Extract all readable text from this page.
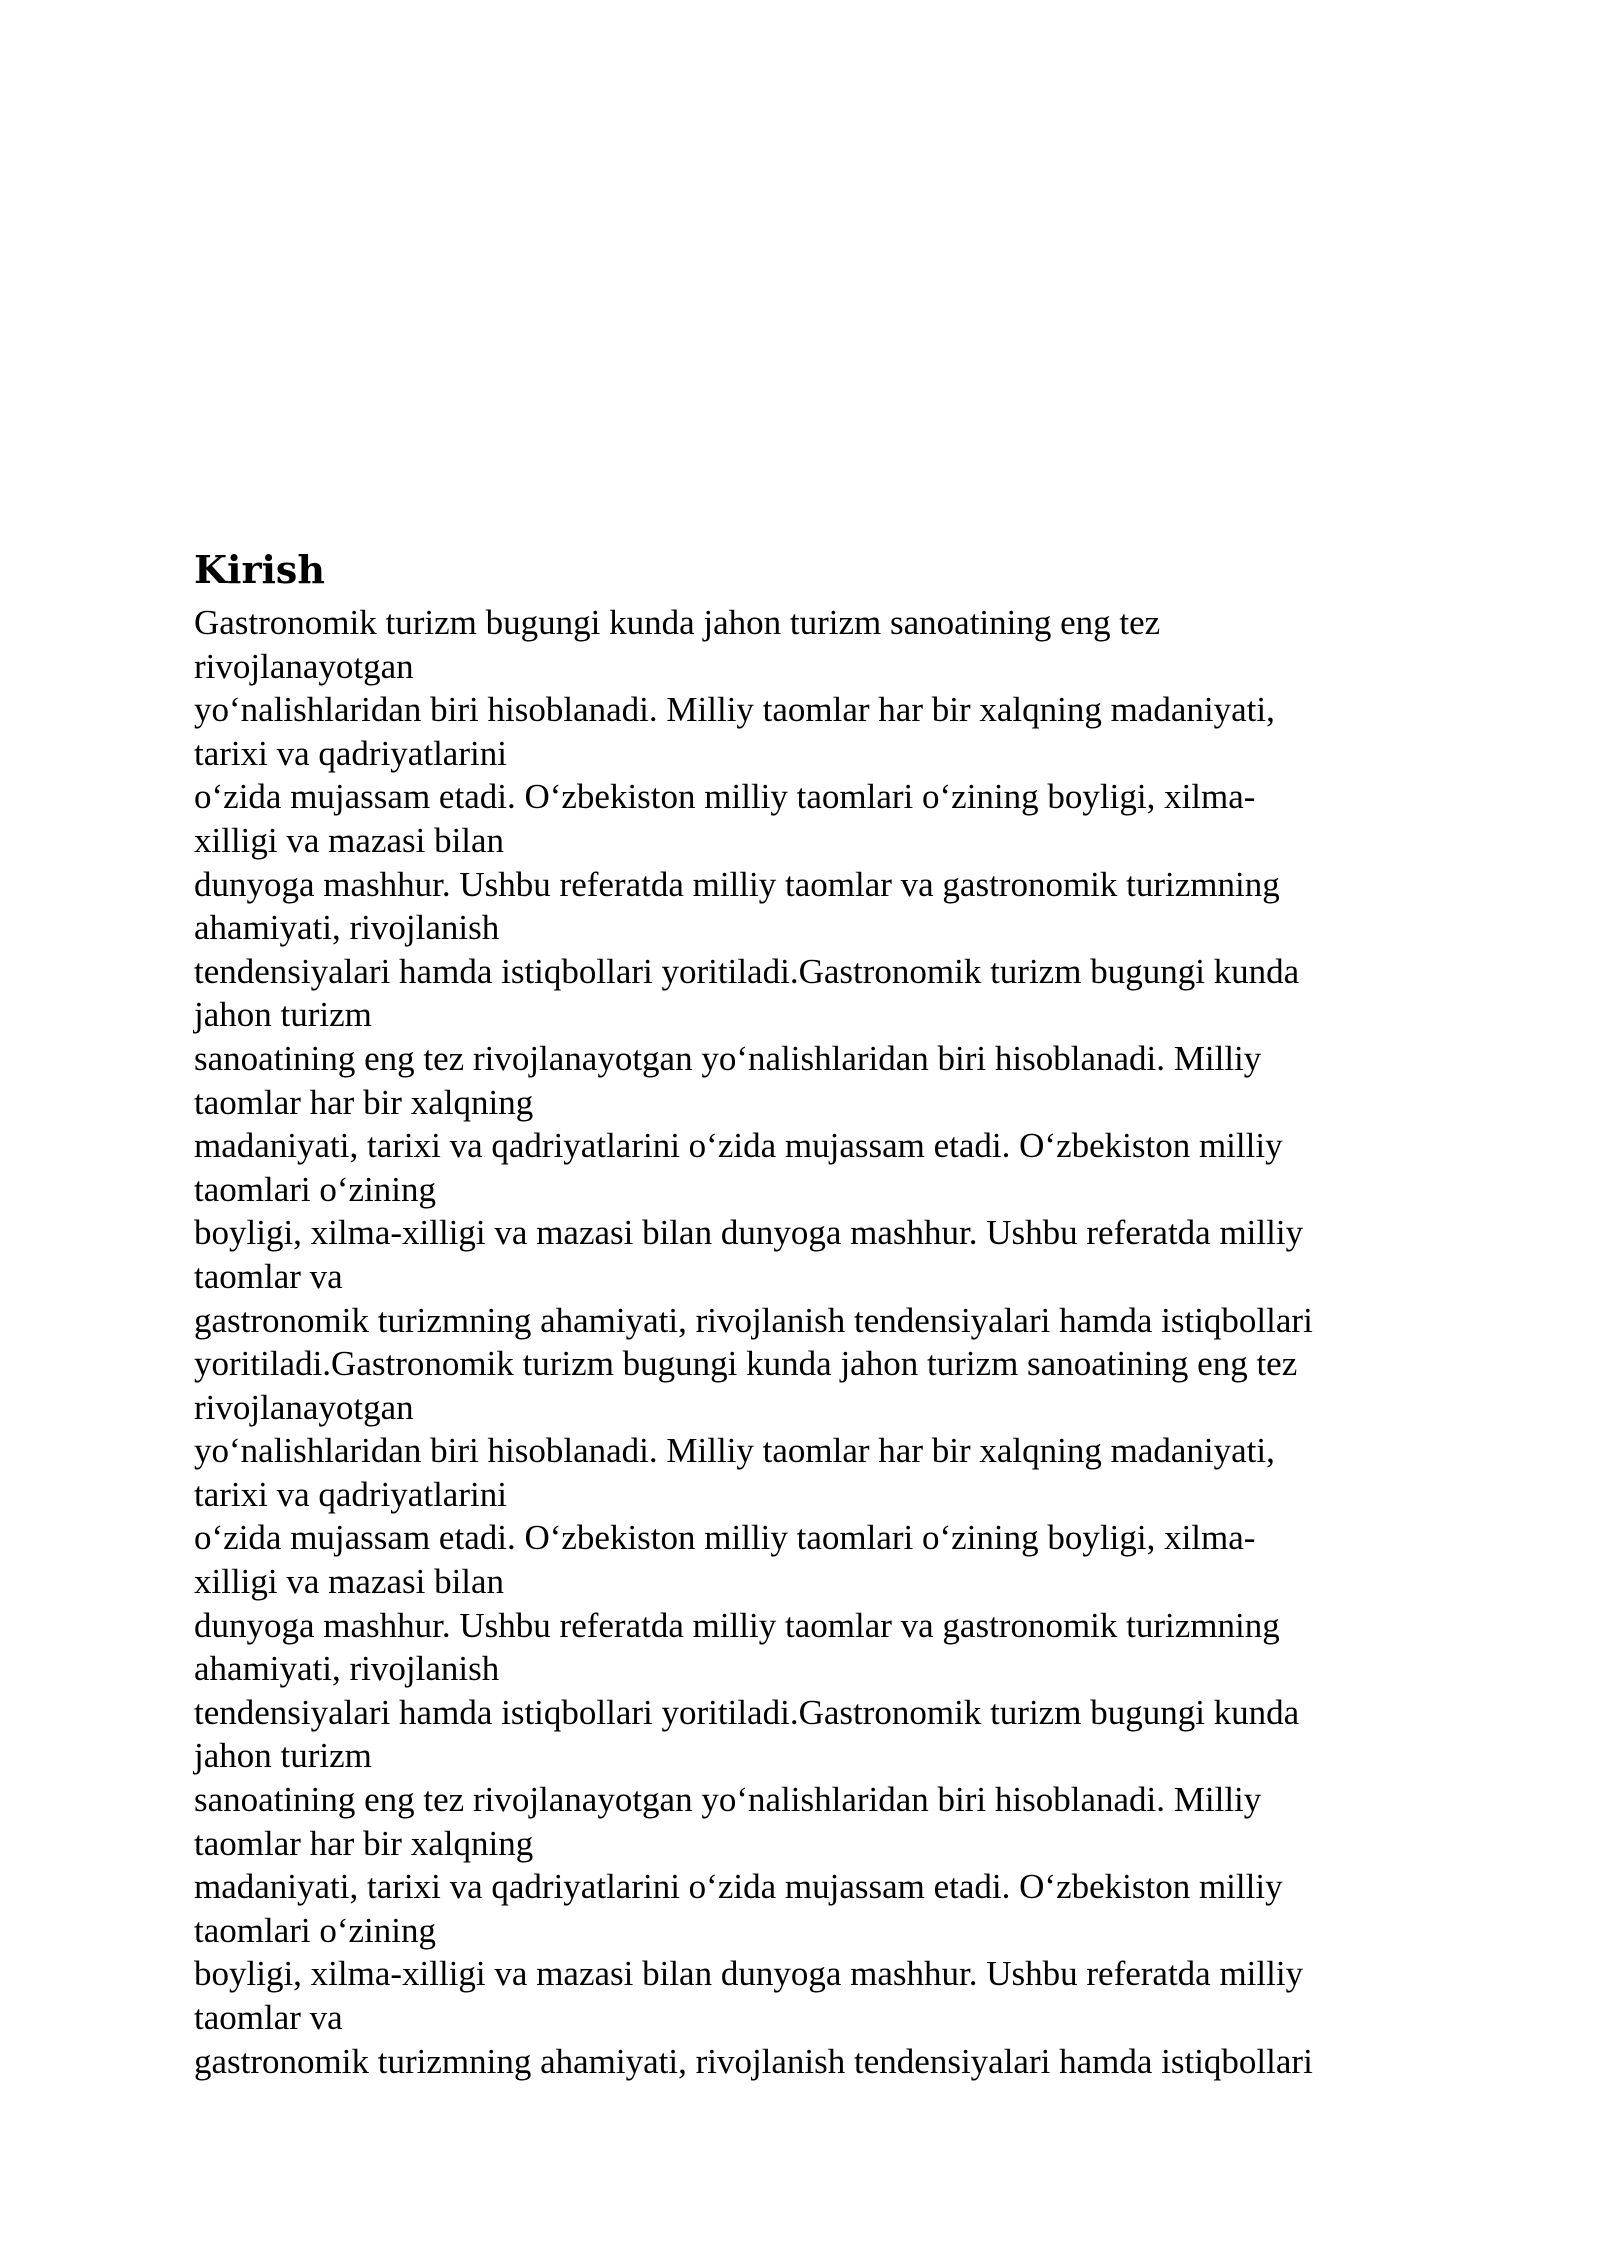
Kirish
Gastronomik turizm bugungi kunda jahon turizm sanoatining eng tez
rivojlanayotgan
yo‘nalishlaridan biri hisoblanadi. Milliy taomlar har bir xalqning madaniyati,
tarixi va qadriyatlarini
o‘zida mujassam etadi. O‘zbekiston milliy taomlari o‘zining boyligi, xilma-
xilligi va mazasi bilan
dunyoga mashhur. Ushbu referatda milliy taomlar va gastronomik turizmning
ahamiyati, rivojlanish
tendensiyalari hamda istiqbollari yoritiladi.Gastronomik turizm bugungi kunda
jahon turizm
sanoatining eng tez rivojlanayotgan yo‘nalishlaridan biri hisoblanadi. Milliy
taomlar har bir xalqning
madaniyati, tarixi va qadriyatlarini o‘zida mujassam etadi. O‘zbekiston milliy
taomlari o‘zining
boyligi, xilma-xilligi va mazasi bilan dunyoga mashhur. Ushbu referatda milliy
taomlar va
gastronomik turizmning ahamiyati, rivojlanish tendensiyalari hamda istiqbollari
yoritiladi.Gastronomik turizm bugungi kunda jahon turizm sanoatining eng tez
rivojlanayotgan
yo‘nalishlaridan biri hisoblanadi. Milliy taomlar har bir xalqning madaniyati,
tarixi va qadriyatlarini
o‘zida mujassam etadi. O‘zbekiston milliy taomlari o‘zining boyligi, xilma-
xilligi va mazasi bilan
dunyoga mashhur. Ushbu referatda milliy taomlar va gastronomik turizmning
ahamiyati, rivojlanish
tendensiyalari hamda istiqbollari yoritiladi.Gastronomik turizm bugungi kunda
jahon turizm
sanoatining eng tez rivojlanayotgan yo‘nalishlaridan biri hisoblanadi. Milliy
taomlar har bir xalqning
madaniyati, tarixi va qadriyatlarini o‘zida mujassam etadi. O‘zbekiston milliy
taomlari o‘zining
boyligi, xilma-xilligi va mazasi bilan dunyoga mashhur. Ushbu referatda milliy
taomlar va
gastronomik turizmning ahamiyati, rivojlanish tendensiyalari hamda istiqbollari
